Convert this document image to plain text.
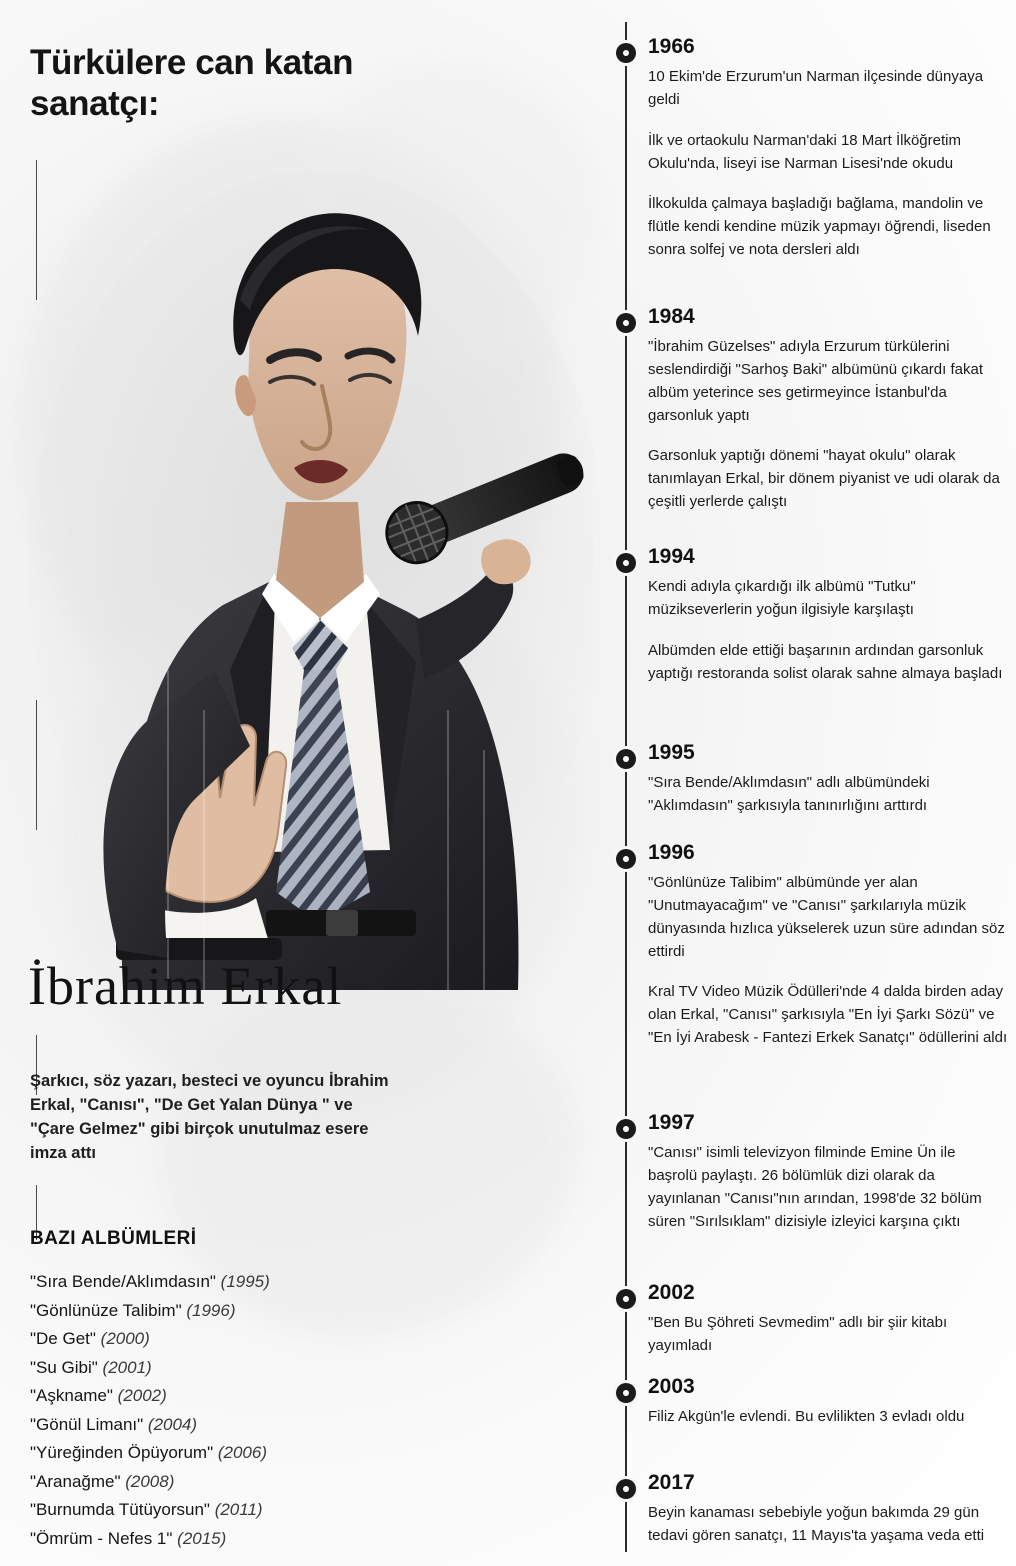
Türkülere can katan sanatçı:
İbrahim Erkal
Şarkıcı, söz yazarı, besteci ve oyuncu İbrahim Erkal, "Canısı", "De Get Yalan Dünya " ve "Çare Gelmez" gibi birçok unutulmaz esere imza attı
BAZI ALBÜMLERİ
"Sıra Bende/Aklımdasın" (1995)
"Gönlünüze Talibim" (1996)
"De Get" (2000)
"Su Gibi" (2001)
"Aşkname" (2002)
"Gönül Limanı" (2004)
"Yüreğinden Öpüyorum" (2006)
"Aranağme" (2008)
"Burnumda Tütüyorsun" (2011)
"Ömrüm - Nefes 1" (2015)
1966
10 Ekim'de Erzurum'un Narman ilçesinde dünyaya geldi
İlk ve ortaokulu Narman'daki 18 Mart İlköğretim Okulu'nda, liseyi ise Narman Lisesi'nde okudu
İlkokulda çalmaya başladığı bağlama, mandolin ve flütle kendi kendine müzik yapmayı öğrendi, liseden sonra solfej ve nota dersleri aldı
1984
"İbrahim Güzelses" adıyla Erzurum türkülerini seslendirdiği "Sarhoş Baki" albümünü çıkardı fakat albüm yeterince ses getirmeyince İstanbul'da garsonluk yaptı
Garsonluk yaptığı dönemi "hayat okulu" olarak tanımlayan Erkal, bir dönem piyanist ve udi olarak da çeşitli yerlerde çalıştı
1994
Kendi adıyla çıkardığı ilk albümü "Tutku" müzikseverlerin yoğun ilgisiyle karşılaştı
Albümden elde ettiği başarının ardından garsonluk yaptığı restoranda solist olarak sahne almaya başladı
1995
"Sıra Bende/Aklımdasın" adlı albümündeki "Aklımdasın" şarkısıyla tanınırlığını arttırdı
1996
"Gönlünüze Talibim" albümünde yer alan "Unutmayacağım" ve "Canısı" şarkılarıyla müzik dünyasında hızlıca yükselerek uzun süre adından söz ettirdi
Kral TV Video Müzik Ödülleri'nde 4 dalda birden aday olan Erkal, "Canısı" şarkısıyla "En İyi Şarkı Sözü" ve "En İyi Arabesk - Fantezi Erkek Sanatçı" ödüllerini aldı
1997
"Canısı" isimli televizyon filminde Emine Ün ile başrolü paylaştı. 26 bölümlük dizi olarak da yayınlanan "Canısı"nın arından, 1998'de 32 bölüm süren "Sırılsıklam" dizisiyle izleyici karşına çıktı
2002
"Ben Bu Şöhreti Sevmedim" adlı bir şiir kitabı yayımladı
2003
Filiz Akgün'le evlendi. Bu evlilikten 3 evladı oldu
2017
Beyin kanaması sebebiyle yoğun bakımda 29 gün tedavi gören sanatçı, 11 Mayıs'ta yaşama veda etti
